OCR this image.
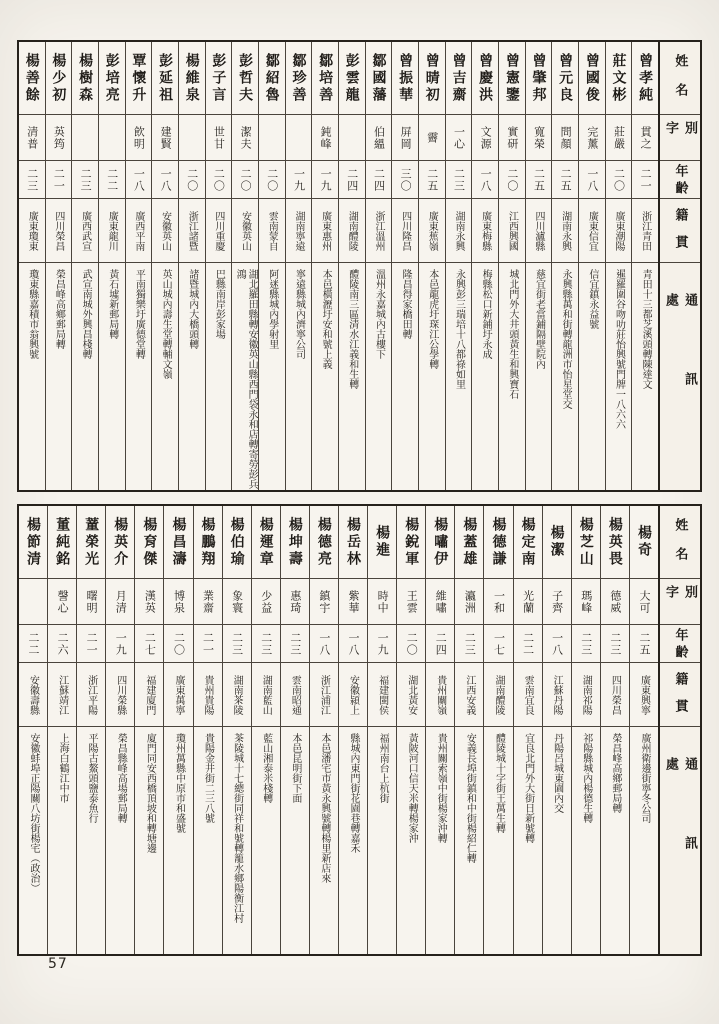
姓名
別字
年齡
籍貫
通訊處
曾孝純
貫之
二一
浙江青田
青田十三都芝溪頭轉陳達文
莊文彬
莊嚴
二〇
廣東潮陽
暹羅圍谷吻叻莊怡興號門牌一八六六
曾國俊
完薰
一八
廣東信宜
信宜鎮永益號
曾元良
問顏
二五
湖南永興
永興縣萬和街轉龍洲市怡星堂交
曾肇邦
寬榮
二五
四川瀘縣
慈宜街老當鋪隔壁院內
曾憲鑒
實研
二〇
江西興國
城北門外大井頭黃生和興寶石
曾慶洪
文源
一八
廣東梅縣
梅縣松口新鋪圩永成
曾吉齋
一心
二三
湖南永興
永興彭三瑞培十八都祿如里
曾晴初
霽
二五
廣東蕉嶺
本邑龍虎圩琛江公學轉
曾振華
屏岡
三〇
四川隆昌
隆昌得家橋田轉
鄒國藩
伯縕
二四
浙江溫州
溫州永嘉城內古樓下
彭雲龍
二四
湖南醴陵
醴陵南三區清水江義和生轉
鄒培善
鈍峰
一九
廣東惠州
本邑橫瀝圩安和號上義
鄒珍善
一九
湖南寧遠
寧遠縣城內濟寧公司
鄒紹魯
二〇
雲南蒙自
阿迷縣城內學射里
彭哲夫
潔夫
二〇
安徽英山
湖北羅田縣轉安徽英山縣西門袋永和店轉寄勞彭兵鴻
彭子言
世甘
二〇
四川重慶
巴縣南岸彭家場
楊維泉
二〇
浙江諸暨
諸暨城內大橋頭轉
彭延祖
建賢
一八
安徽英山
英山城內壽生堂轉輔文嶺
覃懷升
飲明
一八
廣西平南
平南獨樂圩廣德堂轉
彭培亮
二二
廣東龍川
黃石墟新郵局轉
楊樹森
二三
廣西武宣
武宣南城外興昌棧轉
楊少初
英筠
二一
四川榮昌
榮昌峰高鄉郵局轉
楊善餘
清普
二三
廣東瓊東
瓊東縣嘉積市翁興號
姓名
別字
年齡
籍貫
通訊處
楊奇
大可
二五
廣東興寧
廣州衛邊街寧冬公司
楊英畏
德威
二三
四川榮昌
榮昌峰高鄉郵局轉
楊芝山
瑪峰
二三
湖南祁陽
祁陽縣城內楊德生轉
楊潔
子齊
一八
江蘇丹陽
丹陽呂城東園內交
楊定南
光蘭
二二
雲南宜良
宜良北門外大街日新號轉
楊德謙
一和
一七
湖南醴陵
醴陵城十字街王萬生轉
楊蓋雄
瀛洲
二三
江西安義
安義長埠街鎮和中街楊紹仁轉
楊嘯伊
維嘯
二四
貴州關嶺
貴州關索嶺中街楊家沖轉
楊銳軍
王雲
二〇
湖北黃安
黃陂河口信天米轉楊家沖
楊進
時中
一九
福建閩侯
福州南台上杭街
楊岳林
紫華
一八
安徽潁上
縣城內東門街花園巷轉嘉禾
楊德亮
鎮宇
一八
浙江浦江
本邑潘宅市黃永興號轉楊里新店來
楊坤壽
惠琦
二三
雲南昭通
本邑昆明街下面
楊運章
少益
二三
湖南藍山
藍山湘泰米棧轉
楊伯瑜
象寰
二三
湖南茶陵
茶陵城十七總街同祥和號轉籠水鄉陽衡江村
楊鵬翔
業齋
二一
貴州貴陽
貴陽金井街二三八號
楊昌濤
博泉
二〇
廣東萬寧
瓊州萬縣中原市和盛號
楊育傑
漢英
二七
福建廈門
廈門同安西橋頂坡和轉塘邊
楊英介
月清
一九
四川榮縣
榮昌縣峰高場郵局轉
蕫榮光
曙明
二一
浙江平陽
平陽古鰲頭鹽泰魚行
董純銘
謦心
二六
江蘇靖江
上海白鶴江中市
楊節清
二二
安徽壽縣
安徽蚌埠正陽關八坊街楊宅（政治）
57
